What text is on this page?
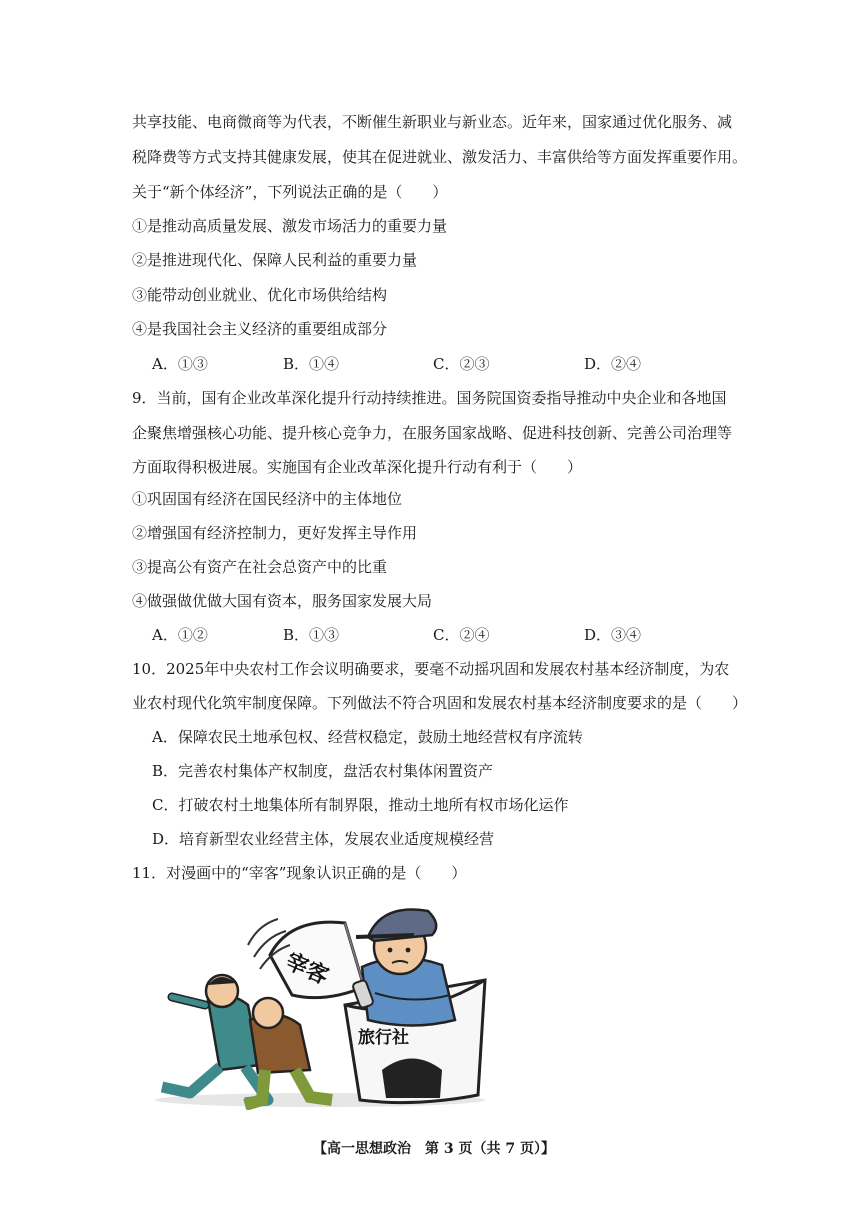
共享技能、电商微商等为代表，不断催生新职业与新业态。近年来，国家通过优化服务、减
税降费等方式支持其健康发展，使其在促进就业、激发活力、丰富供给等方面发挥重要作用。
关于“新个体经济”，下列说法正确的是（　　）
①是推动高质量发展、激发市场活力的重要力量
②是推进现代化、保障人民利益的重要力量
③能带动创业就业、优化市场供给结构
④是我国社会主义经济的重要组成部分
A．①③	B．①④	C．②③	D．②④
9．当前，国有企业改革深化提升行动持续推进。国务院国资委指导推动中央企业和各地国
企聚焦增强核心功能、提升核心竞争力，在服务国家战略、促进科技创新、完善公司治理等
方面取得积极进展。实施国有企业改革深化提升行动有利于（　　）
①巩固国有经济在国民经济中的主体地位
②增强国有经济控制力，更好发挥主导作用
③提高公有资产在社会总资产中的比重
④做强做优做大国有资本，服务国家发展大局
A．①②	B．①③	C．②④	D．③④
10．2025年中央农村工作会议明确要求，要毫不动摇巩固和发展农村基本经济制度，为农
业农村现代化筑牢制度保障。下列做法不符合巩固和发展农村基本经济制度要求的是（　　）
A．保障农民土地承包权、经营权稳定，鼓励土地经营权有序流转
B．完善农村集体产权制度，盘活农村集体闲置资产
C．打破农村土地集体所有制界限，推动土地所有权市场化运作
D．培育新型农业经营主体，发展农业适度规模经营
11．对漫画中的“宰客”现象认识正确的是（　　）
旅行社
宰客
【高一思想政治　第 3 页（共 7 页）】
